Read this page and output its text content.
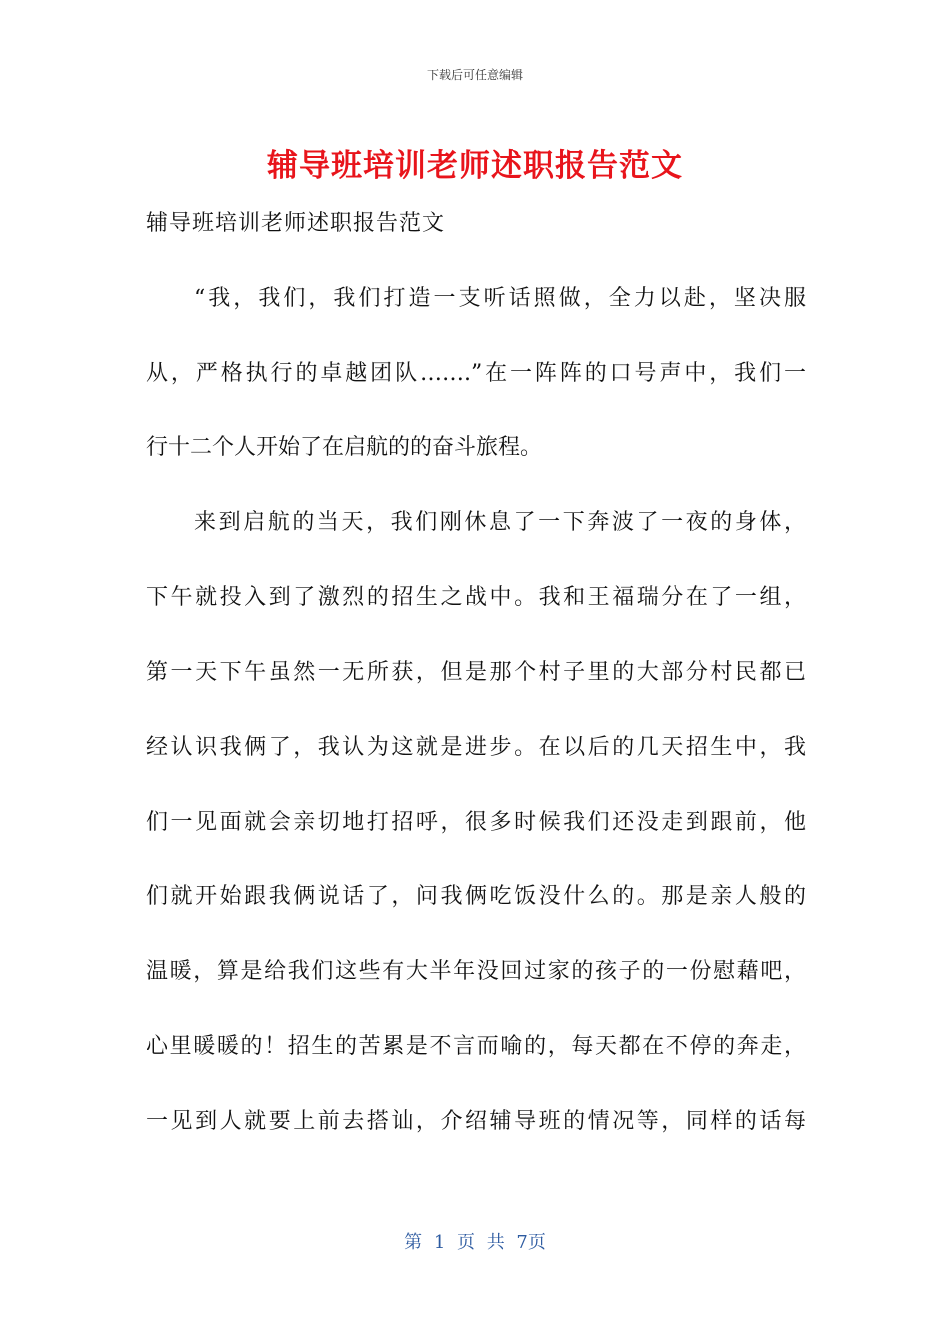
下载后可任意编辑
辅导班培训老师述职报告范文

辅导班培训老师述职报告范文

“我，我们，我们打造一支听话照做，全力以赴，坚决服

从，严格执行的卓越团队…….”在一阵阵的口号声中，我们一

行十二个人开始了在启航的的奋斗旅程。

来到启航的当天，我们刚休息了一下奔波了一夜的身体，

下午就投入到了激烈的招生之战中。我和王福瑞分在了一组，

第一天下午虽然一无所获，但是那个村子里的大部分村民都已

经认识我俩了，我认为这就是进步。在以后的几天招生中，我

们一见面就会亲切地打招呼，很多时候我们还没走到跟前，他

们就开始跟我俩说话了，问我俩吃饭没什么的。那是亲人般的

温暖，算是给我们这些有大半年没回过家的孩子的一份慰藉吧，

心里暖暖的！招生的苦累是不言而喻的，每天都在不停的奔走，

一见到人就要上前去搭讪，介绍辅导班的情况等，同样的话每

第 1 页 共 7页
